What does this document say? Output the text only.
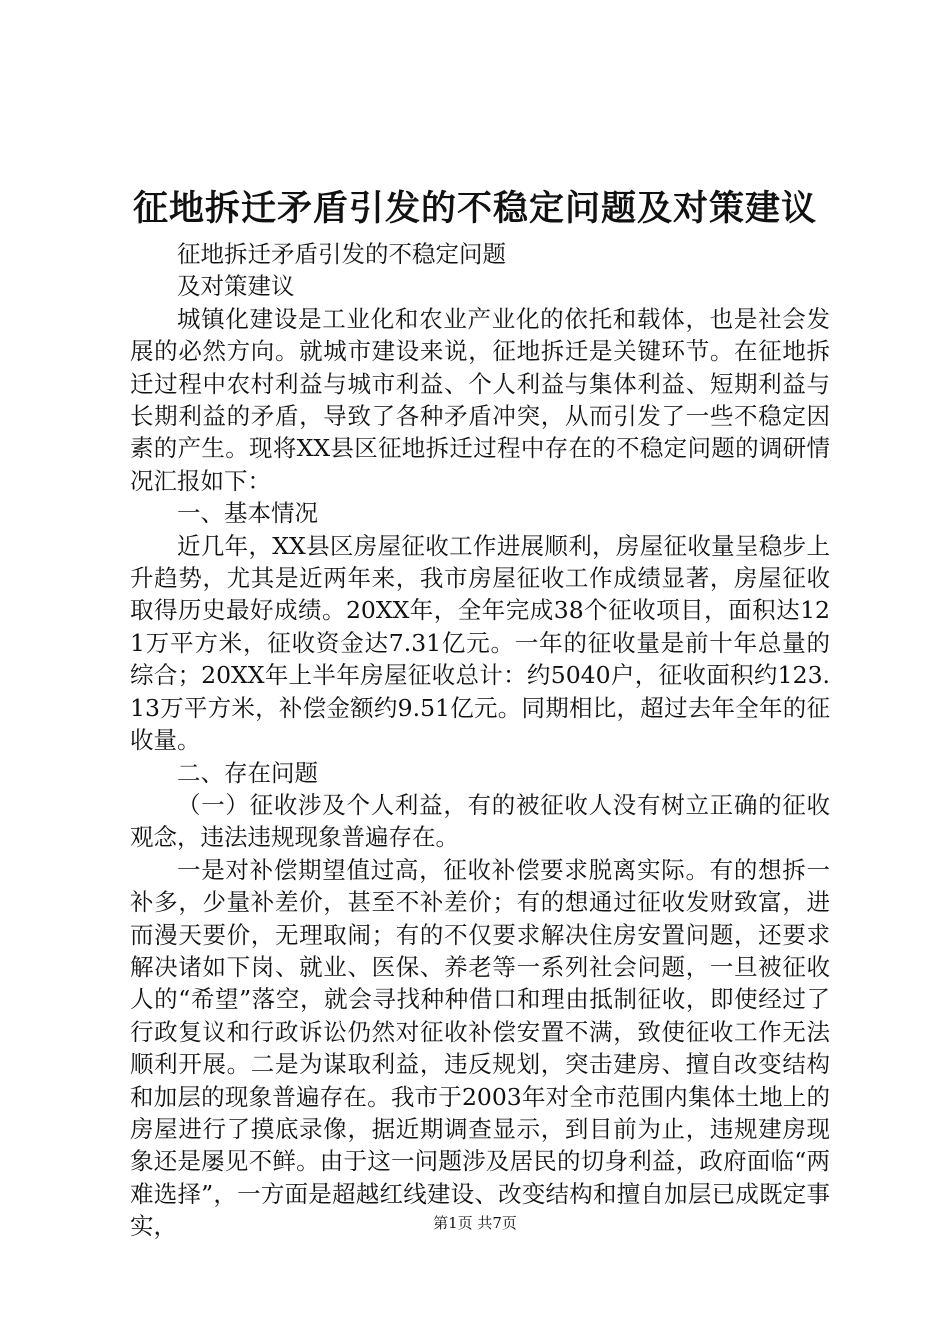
征地拆迁矛盾引发的不稳定问题及对策建议

征地拆迁矛盾引发的不稳定问题

及对策建议

城镇化建设是工业化和农业产业化的依托和载体，也是社会发展的必然方向。就城市建设来说，征地拆迁是关键环节。在征地拆迁过程中农村利益与城市利益、个人利益与集体利益、短期利益与长期利益的矛盾，导致了各种矛盾冲突，从而引发了一些不稳定因素的产生。现将XX县区征地拆迁过程中存在的不稳定问题的调研情况汇报如下：

一、基本情况

近几年，XX县区房屋征收工作进展顺利，房屋征收量呈稳步上升趋势，尤其是近两年来，我市房屋征收工作成绩显著，房屋征收取得历史最好成绩。20XX年，全年完成38个征收项目，面积达121万平方米，征收资金达7.31亿元。一年的征收量是前十年总量的综合；20XX年上半年房屋征收总计：约5040户，征收面积约123.13万平方米，补偿金额约9.51亿元。同期相比，超过去年全年的征收量。

二、存在问题

（一）征收涉及个人利益，有的被征收人没有树立正确的征收观念，违法违规现象普遍存在。

一是对补偿期望值过高，征收补偿要求脱离实际。有的想拆一补多，少量补差价，甚至不补差价；有的想通过征收发财致富，进而漫天要价，无理取闹；有的不仅要求解决住房安置问题，还要求解决诸如下岗、就业、医保、养老等一系列社会问题，一旦被征收人的“希望”落空，就会寻找种种借口和理由抵制征收，即使经过了行政复议和行政诉讼仍然对征收补偿安置不满，致使征收工作无法顺利开展。二是为谋取利益，违反规划，突击建房、擅自改变结构和加层的现象普遍存在。我市于2003年对全市范围内集体土地上的房屋进行了摸底录像，据近期调查显示，到目前为止，违规建房现象还是屡见不鲜。由于这一问题涉及居民的切身利益，政府面临“两难选择”，一方面是超越红线建设、改变结构和擅自加层已成既定事实，	第1页 共7页
